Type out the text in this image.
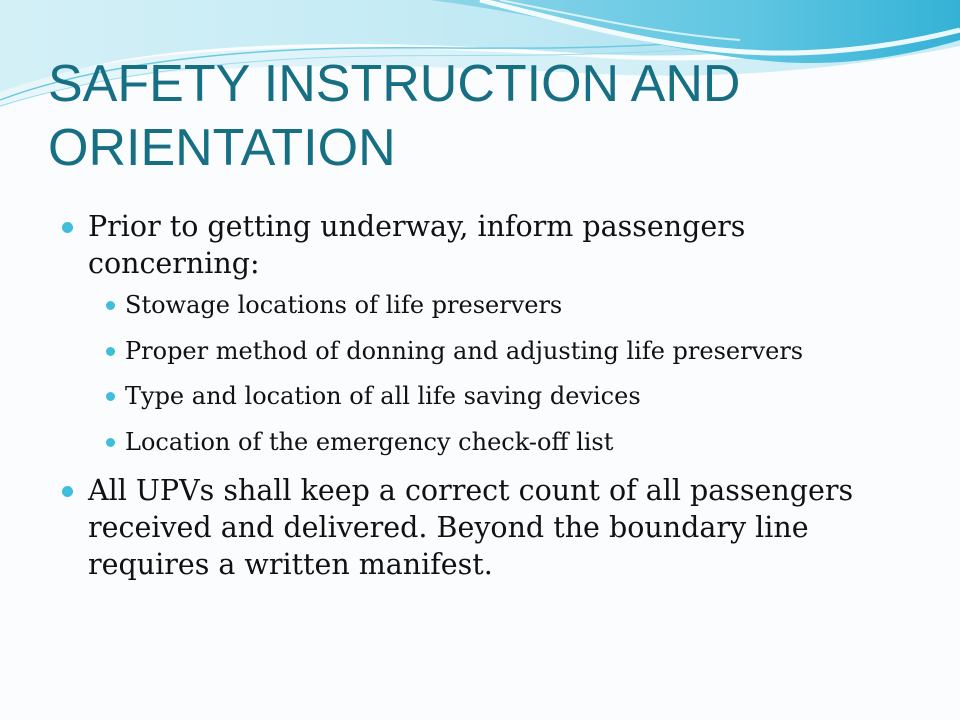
SAFETY INSTRUCTION AND ORIENTATION
Prior to getting underway, inform passengers concerning:
Stowage locations of life preservers
Proper method of donning and adjusting life preservers
Type and location of all life saving devices
Location of the emergency check-off list
All UPVs shall keep a correct count of all passengers received and delivered. Beyond the boundary line requires a written manifest.
